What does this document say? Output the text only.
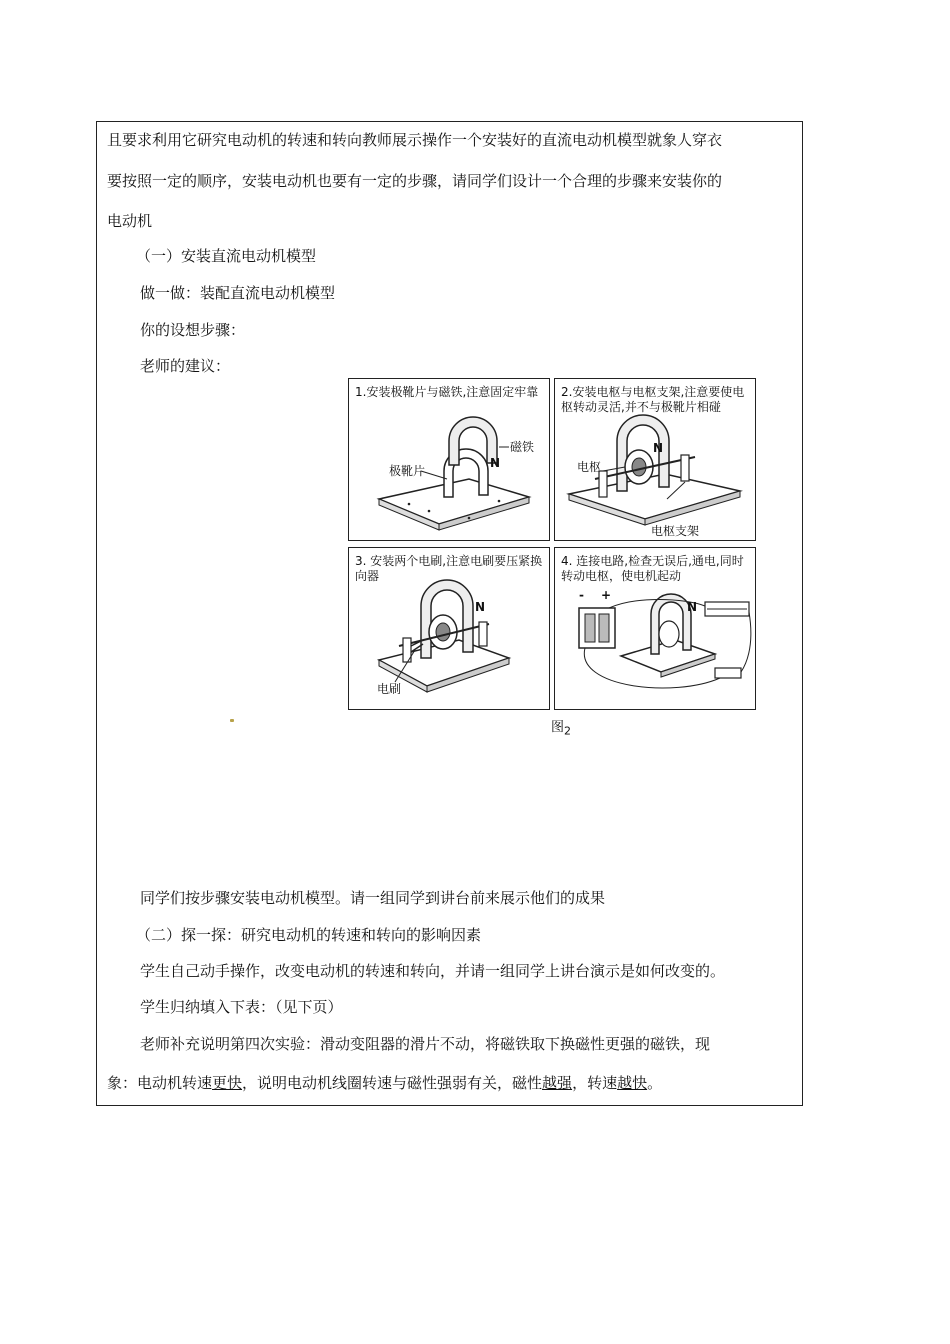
且要求利用它研究电动机的转速和转向教师展示操作一个安装好的直流电动机模型就象人穿衣
要按照一定的顺序，安装电动机也要有一定的步骤，请同学们设计一个合理的步骤来安装你的
电动机
（一）安装直流电动机模型
做一做：装配直流电动机模型
你的设想步骤：
老师的建议：
1.安装极靴片与磁铁,注意固定牢靠
磁铁
N
极靴片
2.安装电枢与电枢支架,注意要使电枢转动灵活,并不与极靴片相碰
N
电枢
电枢支架
3. 安装两个电刷,注意电刷要压紧换向器
N
电刷
4. 连接电路,检查无误后,通电,同时转动电枢，使电机起动
- +
N
图$_2$
同学们按步骤安装电动机模型。请一组同学到讲台前来展示他们的成果
（二）探一探：研究电动机的转速和转向的影响因素
学生自己动手操作，改变电动机的转速和转向，并请一组同学上讲台演示是如何改变的。
学生归纳填入下表：（见下页）
老师补充说明第四次实验：滑动变阻器的滑片不动，将磁铁取下换磁性更强的磁铁，现
象：电动机转速更快，说明电动机线圈转速与磁性强弱有关，磁性越强，转速越快。
